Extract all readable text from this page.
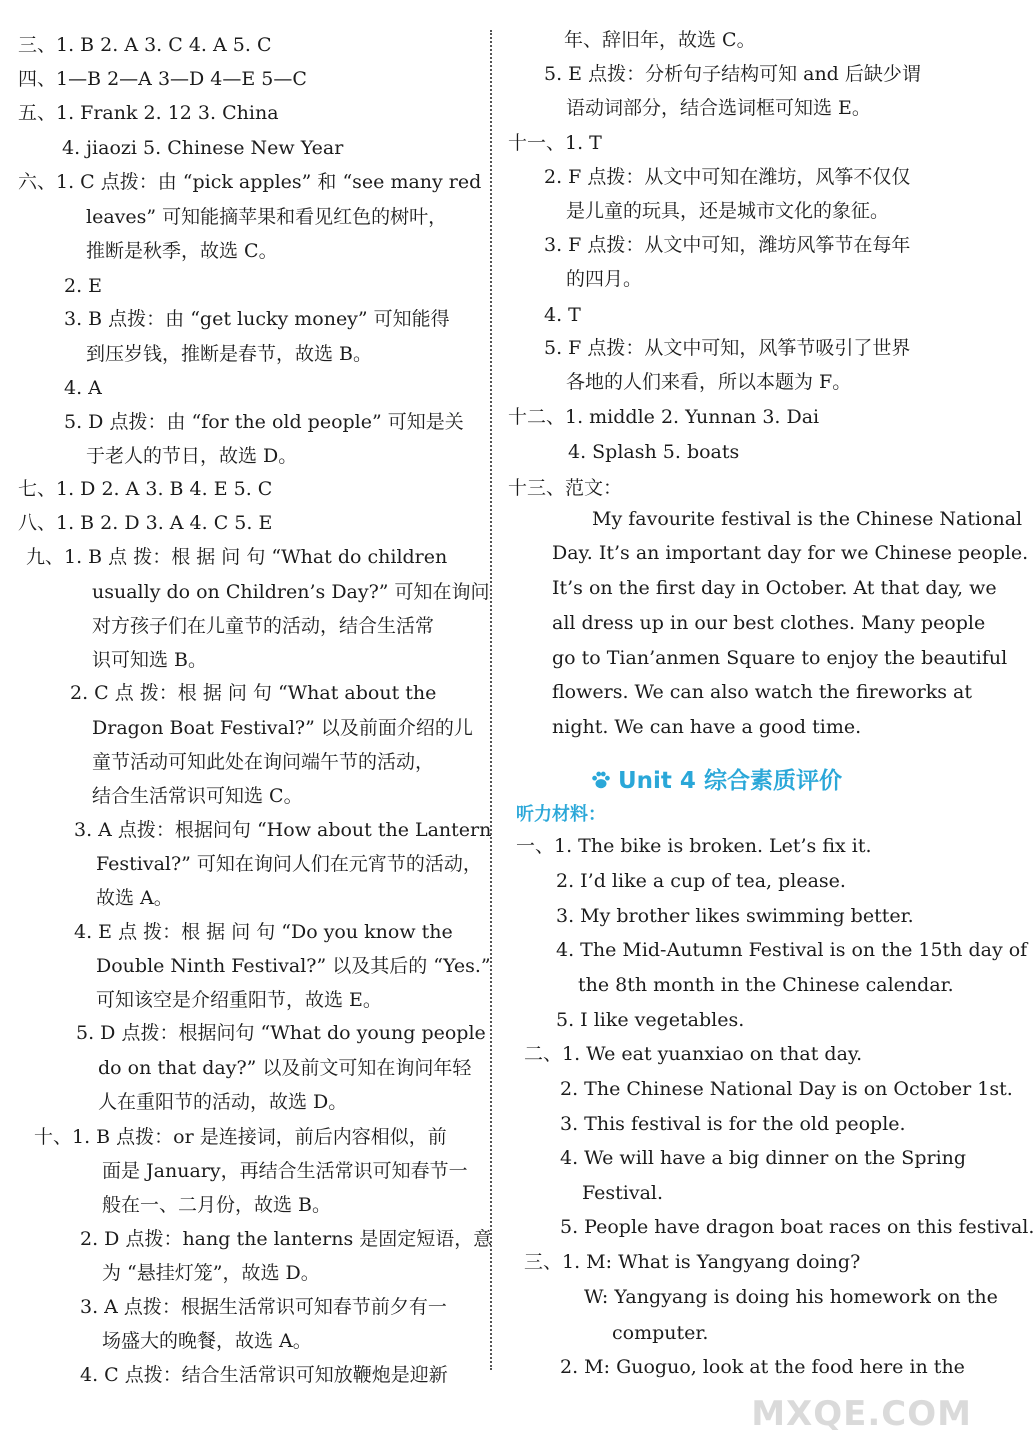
三、1. B 2. A 3. C 4. A 5. C
四、1—B 2—A 3—D 4—E 5—C
五、1. Frank 2. 12 3. China
4. jiaozi 5. Chinese New Year
六、1. C 点拨：由 “pick apples” 和 “see many red
leaves” 可知能摘苹果和看见红色的树叶，
推断是秋季，故选 C。
2. E
3. B 点拨：由 “get lucky money” 可知能得
到压岁钱，推断是春节，故选 B。
4. A
5. D 点拨：由 “for the old people” 可知是关
于老人的节日，故选 D。
七、1. D 2. A 3. B 4. E 5. C
八、1. B 2. D 3. A 4. C 5. E
九、1. B 点 拨：根 据 问 句 “What do children
usually do on Children’s Day?” 可知在询问
对方孩子们在儿童节的活动，结合生活常
识可知选 B。
2. C 点 拨：根 据 问 句 “What about the
Dragon Boat Festival?” 以及前面介绍的儿
童节活动可知此处在询问端午节的活动，
结合生活常识可知选 C。
3. A 点拨：根据问句 “How about the Lantern
Festival?” 可知在询问人们在元宵节的活动，
故选 A。
4. E 点 拨：根 据 问 句 “Do you know the
Double Ninth Festival?” 以及其后的 “Yes.”
可知该空是介绍重阳节，故选 E。
5. D 点拨：根据问句 “What do young people
do on that day?” 以及前文可知在询问年轻
人在重阳节的活动，故选 D。
十、1. B 点拨：or 是连接词，前后内容相似，前
面是 January，再结合生活常识可知春节一
般在一、二月份，故选 B。
2. D 点拨：hang the lanterns 是固定短语，意
为 “悬挂灯笼”，故选 D。
3. A 点拨：根据生活常识可知春节前夕有一
场盛大的晚餐，故选 A。
4. C 点拨：结合生活常识可知放鞭炮是迎新
年、辞旧年，故选 C。
5. E 点拨：分析句子结构可知 and 后缺少谓
语动词部分，结合选词框可知选 E。
十一、1. T
2. F 点拨：从文中可知在潍坊，风筝不仅仅
是儿童的玩具，还是城市文化的象征。
3. F 点拨：从文中可知，潍坊风筝节在每年
的四月。
4. T
5. F 点拨：从文中可知，风筝节吸引了世界
各地的人们来看，所以本题为 F。
十二、1. middle 2. Yunnan 3. Dai
4. Splash 5. boats
十三、范文：
My favourite festival is the Chinese National
Day. It’s an important day for we Chinese people.
It’s on the first day in October. At that day, we
all dress up in our best clothes. Many people
go to Tian’anmen Square to enjoy the beautiful
flowers. We can also watch the fireworks at
night. We can have a good time.
Unit 4 综合素质评价
听力材料：
一、1. The bike is broken. Let’s fix it.
2. I’d like a cup of tea, please.
3. My brother likes swimming better.
4. The Mid-Autumn Festival is on the 15th day of
the 8th month in the Chinese calendar.
5. I like vegetables.
二、1. We eat yuanxiao on that day.
2. The Chinese National Day is on October 1st.
3. This festival is for the old people.
4. We will have a big dinner on the Spring
Festival.
5. People have dragon boat races on this festival.
三、1. M: What is Yangyang doing?
W: Yangyang is doing his homework on the
computer.
2. M: Guoguo, look at the food here in the
MXQE.COM
